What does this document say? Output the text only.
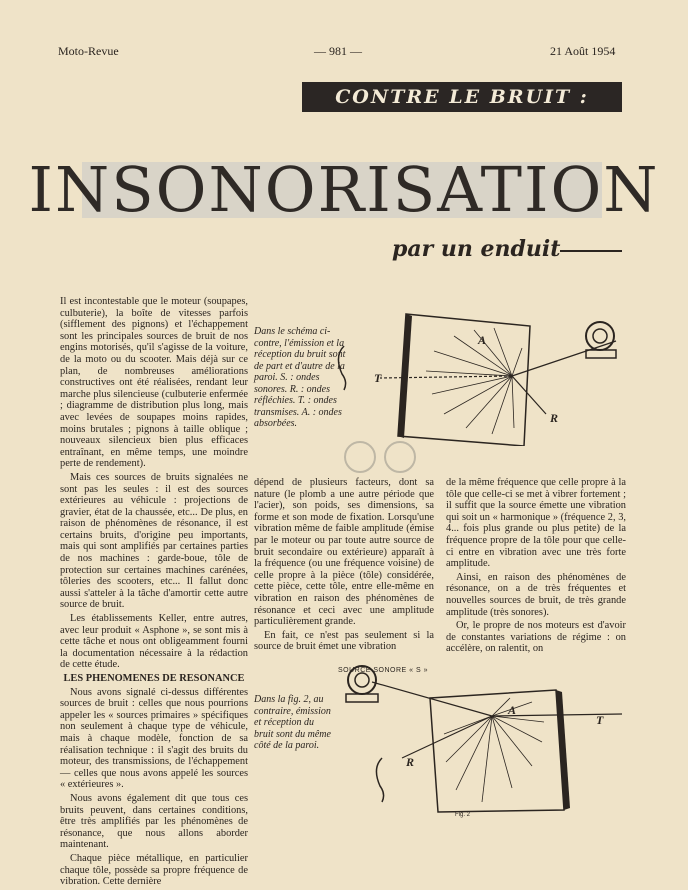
Moto-Revue	— 981 —	21 Août 1954
CONTRE LE BRUIT :
INSONORISATION
par un enduit

Il est incontestable que le moteur (soupapes, culbuterie), la boîte de vitesses parfois (sifflement des pignons) et l'échappement sont les principales sources de bruit de nos engins motorisés, qu'il s'agisse de la voiture, de la moto ou du scooter. Mais déjà sur ce plan, de nombreuses améliorations constructives ont été réalisées, rendant leur marche plus silencieuse (culbuterie enfermée ; diagramme de distribution plus long, mais avec levées de soupapes moins rapides, moins brutales ; pignons à taille oblique ; nouveaux silencieux bien plus efficaces entraînant, en même temps, une moindre perte de rendement).

Mais ces sources de bruits signalées ne sont pas les seules : il est des sources extérieures au véhicule : projections de gravier, état de la chaussée, etc... De plus, en raison de phénomènes de résonance, il est certains bruits, d'origine peu importants, mais qui sont amplifiés par certaines parties de nos machines : garde-boue, tôle de protection sur certaines machines carénées, tôleries des scooters, etc... Il fallut donc aussi s'atteler à la tâche d'amortir cette autre source de bruit.

Les établissements Keller, entre autres, avec leur produit « Asphone », se sont mis à cette tâche et nous ont obligeamment fourni la documentation nécessaire à la rédaction de cette étude.

LES PHENOMENES DE RESONANCE

Nous avons signalé ci-dessus différentes sources de bruit : celles que nous pourrions appeler les « sources primaires » spécifiques non seulement à chaque type de véhicule, mais à chaque modèle, fonction de sa réalisation technique : il s'agit des bruits du moteur, des transmissions, de l'échappement — celles que nous avons appelé les sources « extérieures ».

Nous avons également dit que tous ces bruits peuvent, dans certaines conditions, être très amplifiés par les phénomènes de résonance, que nous allons aborder maintenant.

Chaque pièce métallique, en particulier chaque tôle, possède sa propre fréquence de vibration. Cette dernière

Dans le schéma ci-contre, l'émission et la réception du bruit sont de part et d'autre de la paroi. S. : ondes sonores. R. : ondes réfléchies. T. : ondes transmises. A. : ondes absorbées.
A
T
R

dépend de plusieurs facteurs, dont sa nature (le plomb a une autre période que l'acier), son poids, ses dimensions, sa forme et son mode de fixation. Lorsqu'une vibration même de faible amplitude (émise par le moteur ou par toute autre source de bruit secondaire ou extérieure) apparaît à la fréquence (ou une fréquence voisine) de celle propre à la pièce (tôle) considérée, cette pièce, cette tôle, entre elle-même en vibration en raison des phénomènes de résonance et ceci avec une amplitude particulièrement grande.

En fait, ce n'est pas seulement si la source de bruit émet une vibration

de la même fréquence que celle propre à la tôle que celle-ci se met à vibrer fortement ; il suffit que la source émette une vibration qui soit un « harmonique » (fréquence 2, 3, 4... fois plus grande ou plus petite) de la fréquence propre de la tôle pour que celle-ci entre en vibration avec une très forte amplitude.

Ainsi, en raison des phénomènes de résonance, on a de très fréquentes et nouvelles sources de bruit, de très grande amplitude (très sonores).

Or, le propre de nos moteurs est d'avoir de constantes variations de régime : on accélère, on ralentit, on

SOURCE SONORE « S »
Dans la fig. 2, au contraire, émission et réception du bruit sont du même côté de la paroi.
A
T
R
Fig. 2
